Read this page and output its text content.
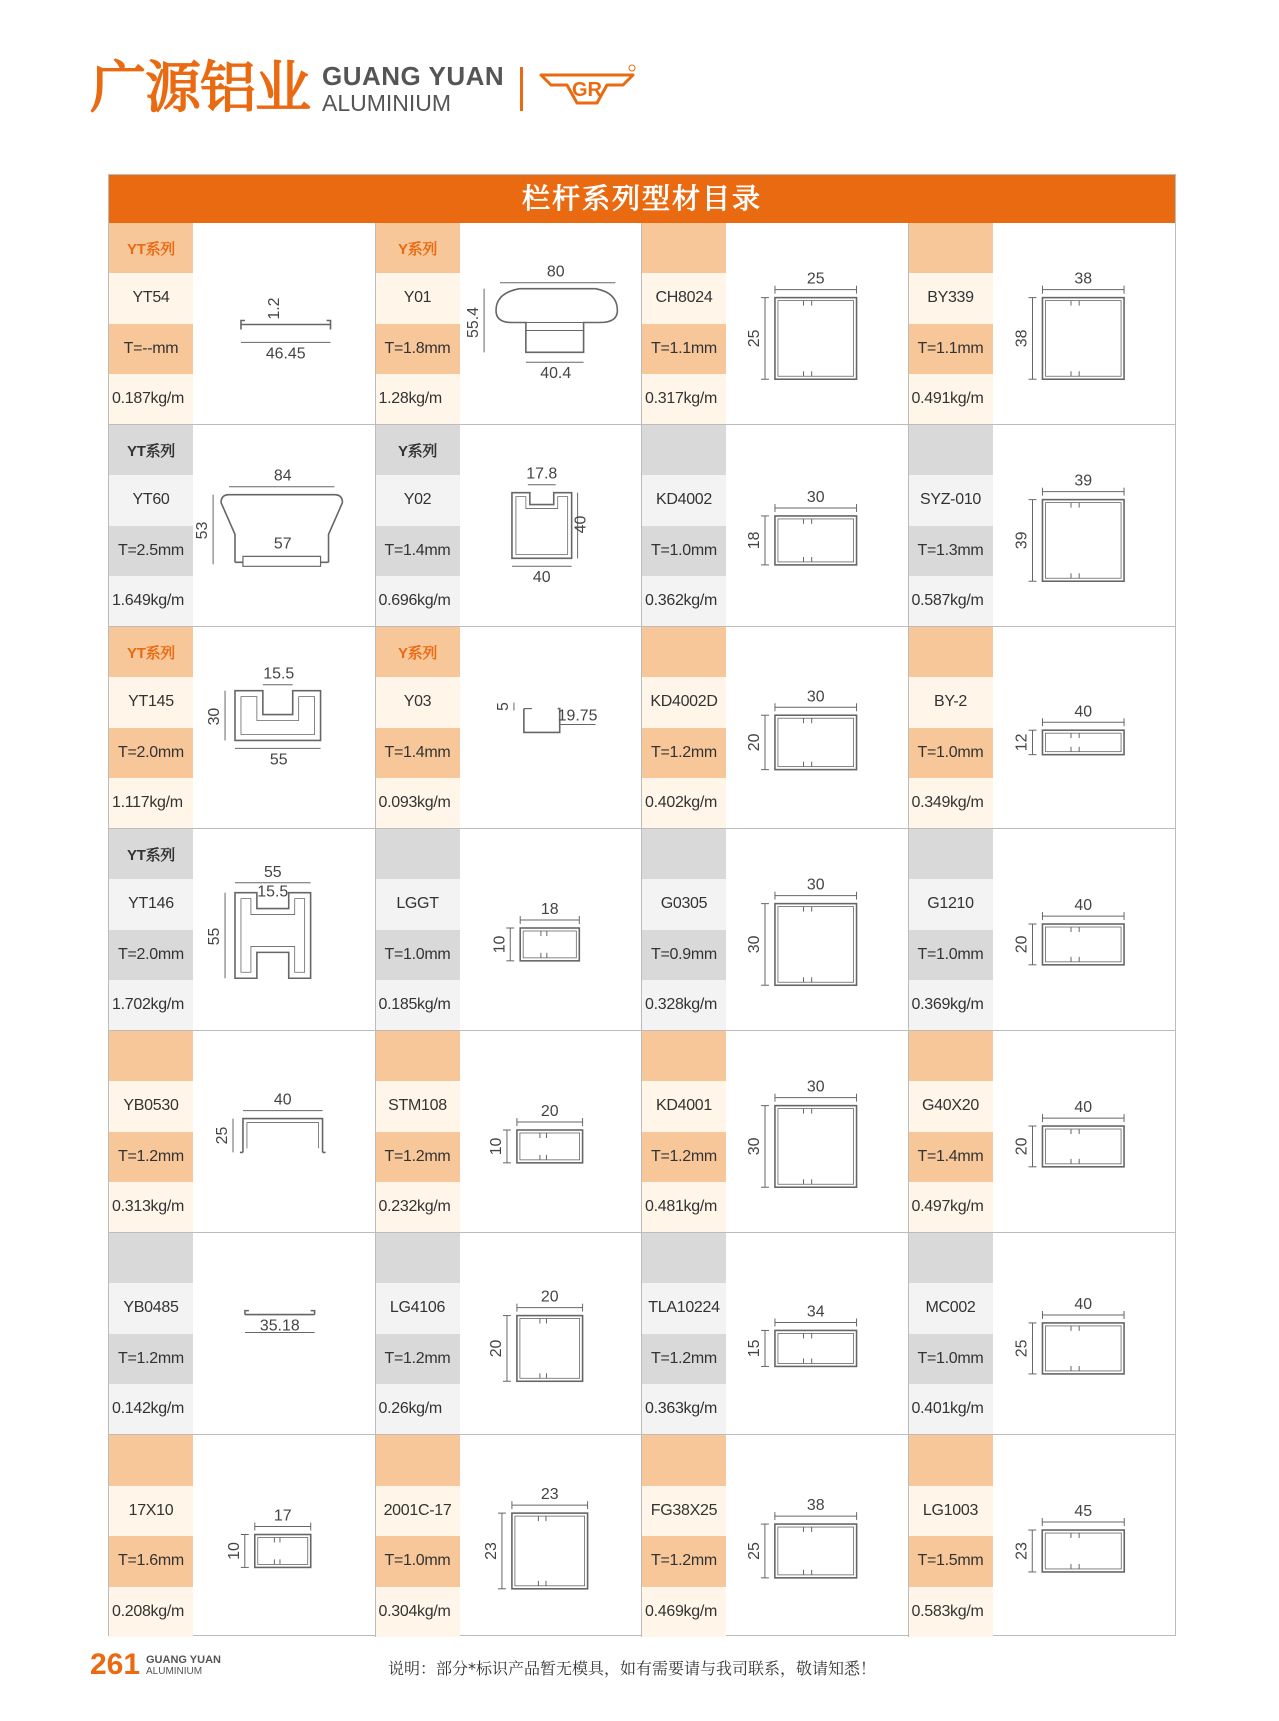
广源铝业 GUANG YUAN
ALUMINIUM	GR
栏杆系列型材目录
YT系列
YT54
T=--mm
0.187kg/m
46.45
1.2
Y系列
Y01
T=1.8mm
1.28kg/m
80
55.4
40.4
CH8024
T=1.1mm
0.317kg/m
25
25
BY339
T=1.1mm
0.491kg/m
38
38
YT系列
YT60
T=2.5mm
1.649kg/m
84
53
57
Y系列
Y02
T=1.4mm
0.696kg/m
17.8
40
40
KD4002
T=1.0mm
0.362kg/m
30
18
SYZ-010
T=1.3mm
0.587kg/m
39
39
YT系列
YT145
T=2.0mm
1.117kg/m
15.5
30
55
Y系列
Y03
T=1.4mm
0.093kg/m
5
19.75
KD4002D
T=1.2mm
0.402kg/m
30
20
BY-2
T=1.0mm
0.349kg/m
40
12
YT系列
YT146
T=2.0mm
1.702kg/m
55
15.5
55
LGGT
T=1.0mm
0.185kg/m
18
10
G0305
T=0.9mm
0.328kg/m
30
30
G1210
T=1.0mm
0.369kg/m
40
20
YB0530
T=1.2mm
0.313kg/m
40
25
STM108
T=1.2mm
0.232kg/m
20
10
KD4001
T=1.2mm
0.481kg/m
30
30
G40X20
T=1.4mm
0.497kg/m
40
20
YB0485
T=1.2mm
0.142kg/m
35.18
LG4106
T=1.2mm
0.26kg/m
20
20
TLA10224
T=1.2mm
0.363kg/m
34
15
MC002
T=1.0mm
0.401kg/m
40
25
17X10
T=1.6mm
0.208kg/m
17
10
2001C-17
T=1.0mm
0.304kg/m
23
23
FG38X25
T=1.2mm
0.469kg/m
38
25
LG1003
T=1.5mm
0.583kg/m
45
23
261 GUANG YUAN
ALUMINIUM	说明：部分*标识产品暂无模具，如有需要请与我司联系，敬请知悉！
